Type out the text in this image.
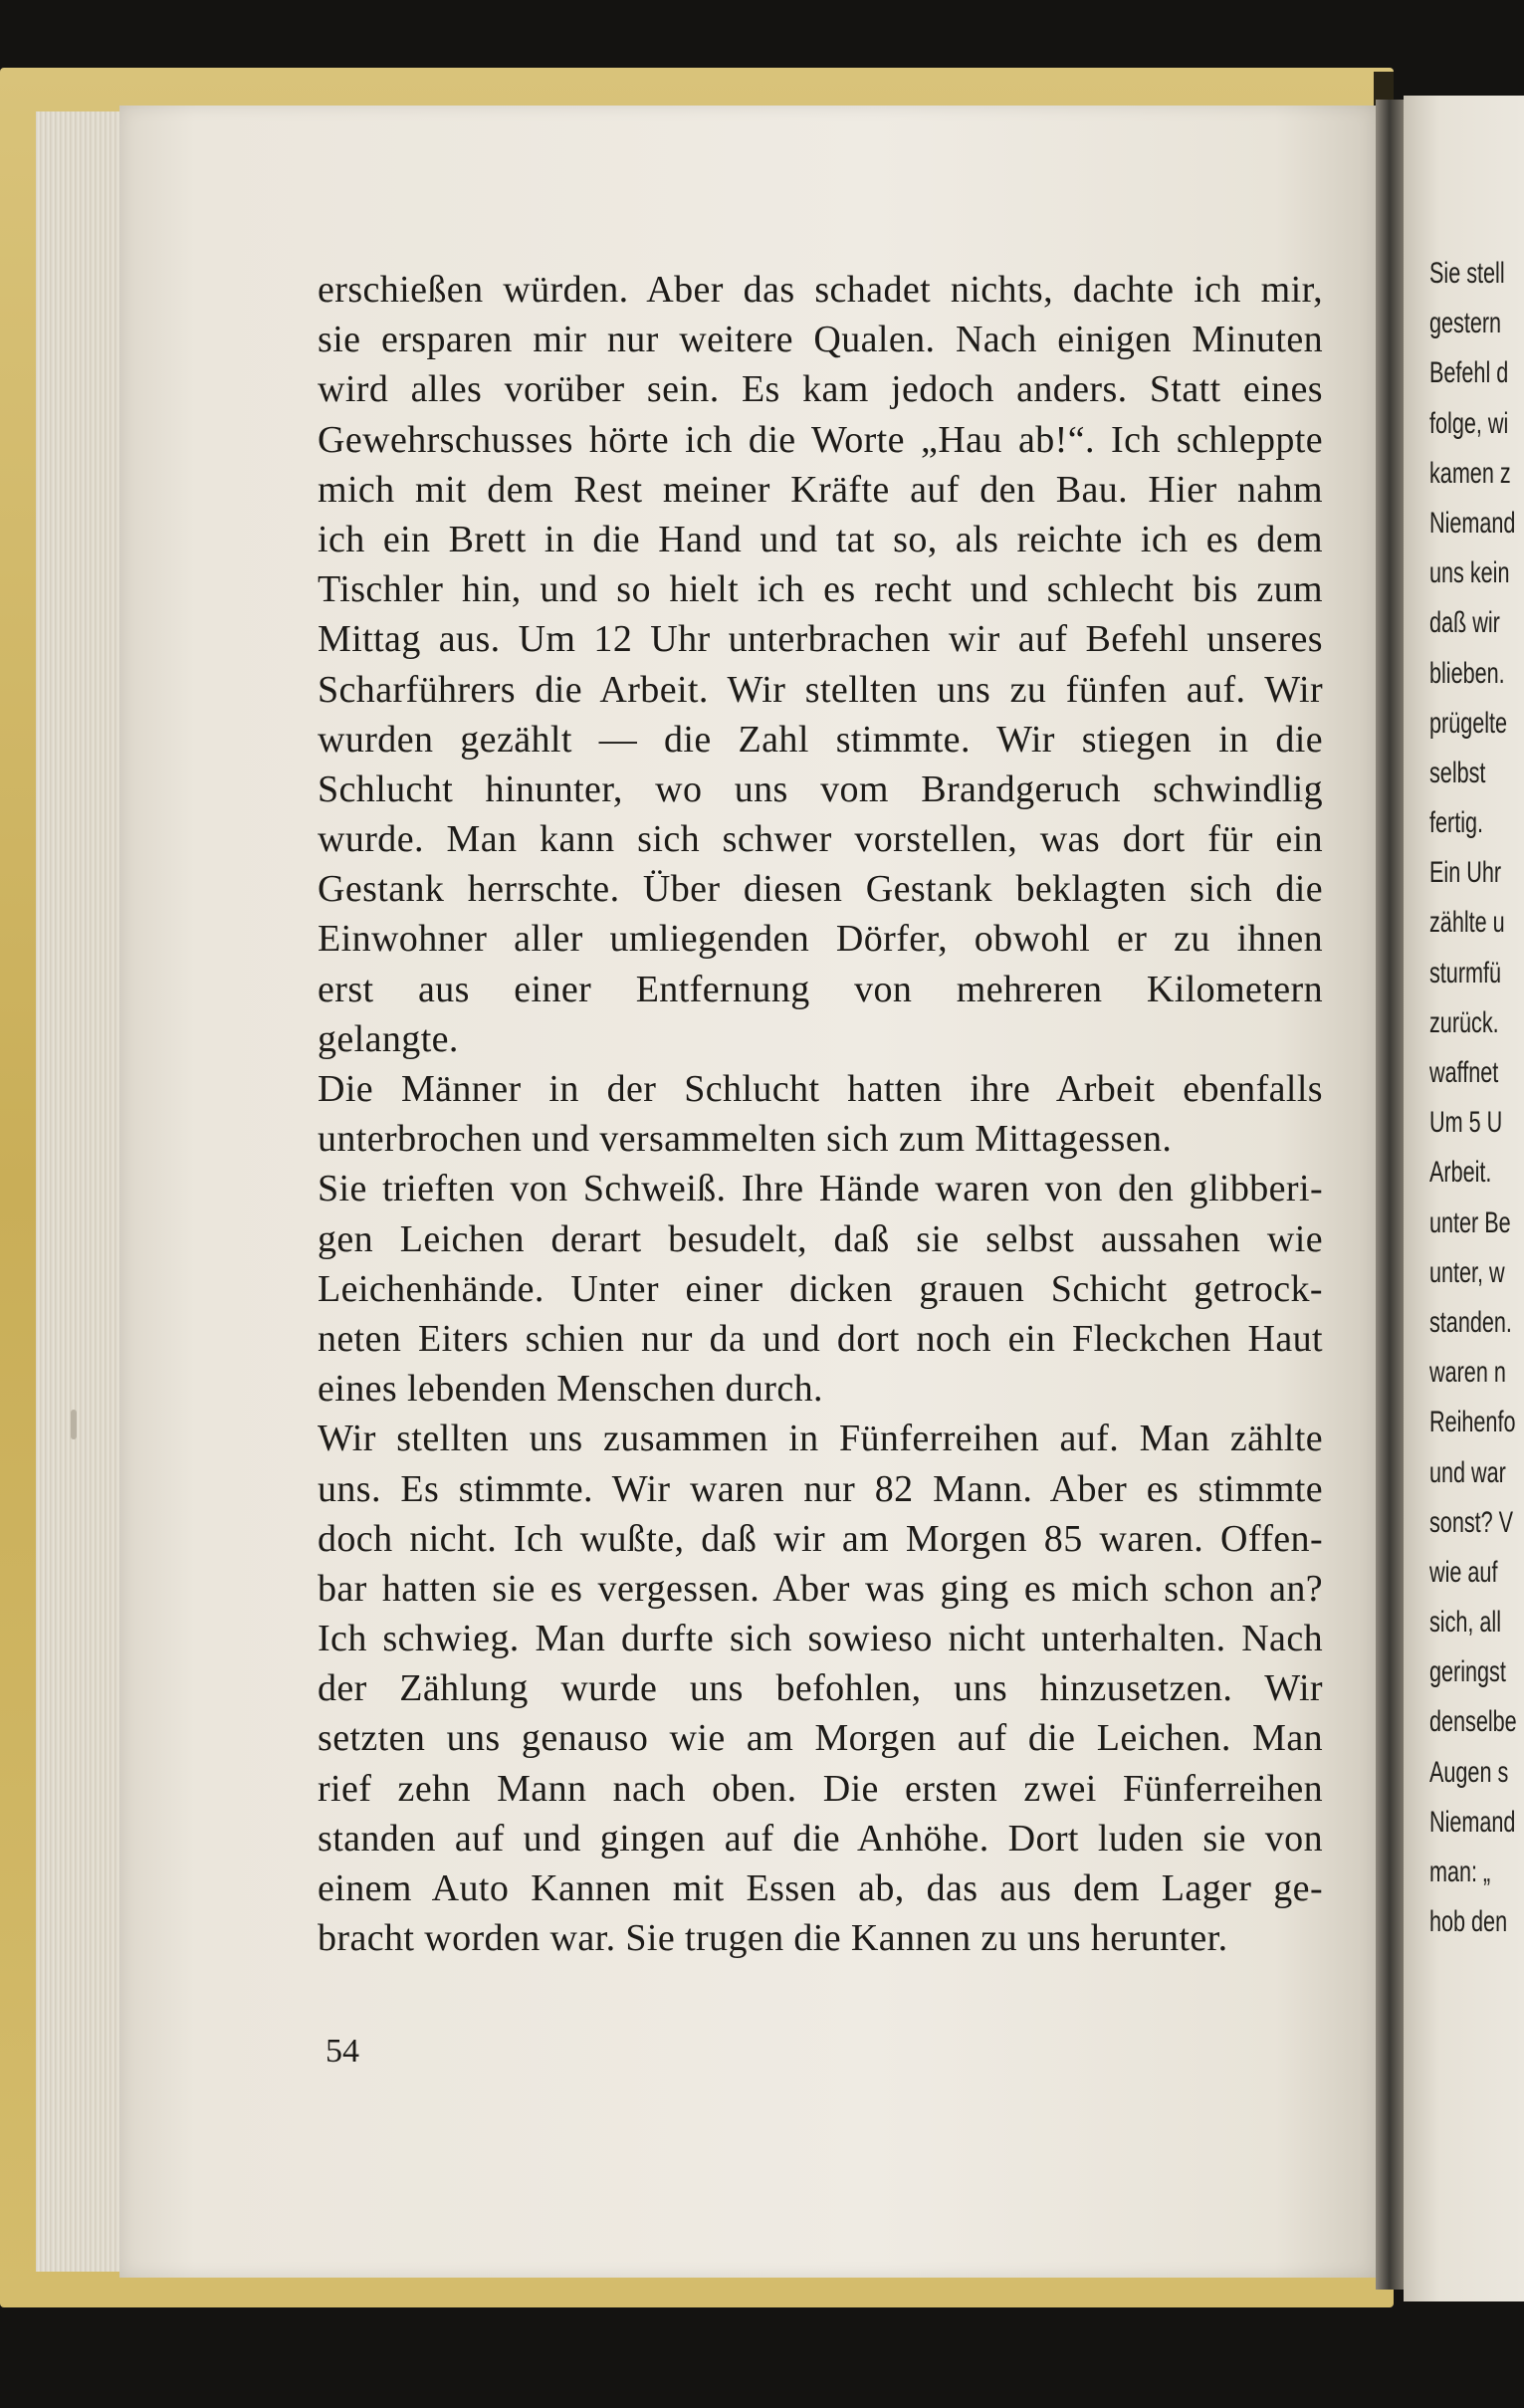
erschießen würden. Aber das schadet nichts, dachte ich mir,
sie ersparen mir nur weitere Qualen. Nach einigen Minuten
wird alles vorüber sein. Es kam jedoch anders. Statt eines
Gewehrschusses hörte ich die Worte „Hau ab!“. Ich schleppte
mich mit dem Rest meiner Kräfte auf den Bau. Hier nahm
ich ein Brett in die Hand und tat so, als reichte ich es dem
Tischler hin, und so hielt ich es recht und schlecht bis zum
Mittag aus. Um 12 Uhr unterbrachen wir auf Befehl unseres
Scharführers die Arbeit. Wir stellten uns zu fünfen auf. Wir
wurden gezählt — die Zahl stimmte. Wir stiegen in die
Schlucht hinunter, wo uns vom Brandgeruch schwindlig
wurde. Man kann sich schwer vorstellen, was dort für ein
Gestank herrschte. Über diesen Gestank beklagten sich die
Einwohner aller umliegenden Dörfer, obwohl er zu ihnen
erst aus einer Entfernung von mehreren Kilometern
gelangte.
Die Männer in der Schlucht hatten ihre Arbeit ebenfalls
unterbrochen und versammelten sich zum Mittagessen.
Sie trieften von Schweiß. Ihre Hände waren von den glibberi-
gen Leichen derart besudelt, daß sie selbst aussahen wie
Leichenhände. Unter einer dicken grauen Schicht getrock-
neten Eiters schien nur da und dort noch ein Fleckchen Haut
eines lebenden Menschen durch.
Wir stellten uns zusammen in Fünferreihen auf. Man zählte
uns. Es stimmte. Wir waren nur 82 Mann. Aber es stimmte
doch nicht. Ich wußte, daß wir am Morgen 85 waren. Offen-
bar hatten sie es vergessen. Aber was ging es mich schon an?
Ich schwieg. Man durfte sich sowieso nicht unterhalten. Nach
der Zählung wurde uns befohlen, uns hinzusetzen. Wir
setzten uns genauso wie am Morgen auf die Leichen. Man
rief zehn Mann nach oben. Die ersten zwei Fünferreihen
standen auf und gingen auf die Anhöhe. Dort luden sie von
einem Auto Kannen mit Essen ab, das aus dem Lager ge-
bracht worden war. Sie trugen die Kannen zu uns herunter.
54
Sie stell
gestern
Befehl d
folge, wi
kamen z
Niemand
uns kein
daß wir
blieben.
prügelte
selbst
fertig.
Ein Uhr
zählte u
sturmfü
zurück.
waffnet
Um 5 U
Arbeit.
unter Be
unter, w
standen.
waren n
Reihenfo
und war
sonst? V
wie auf
sich, all
geringst
denselbe
Augen s
Niemand
man: „
hob den
